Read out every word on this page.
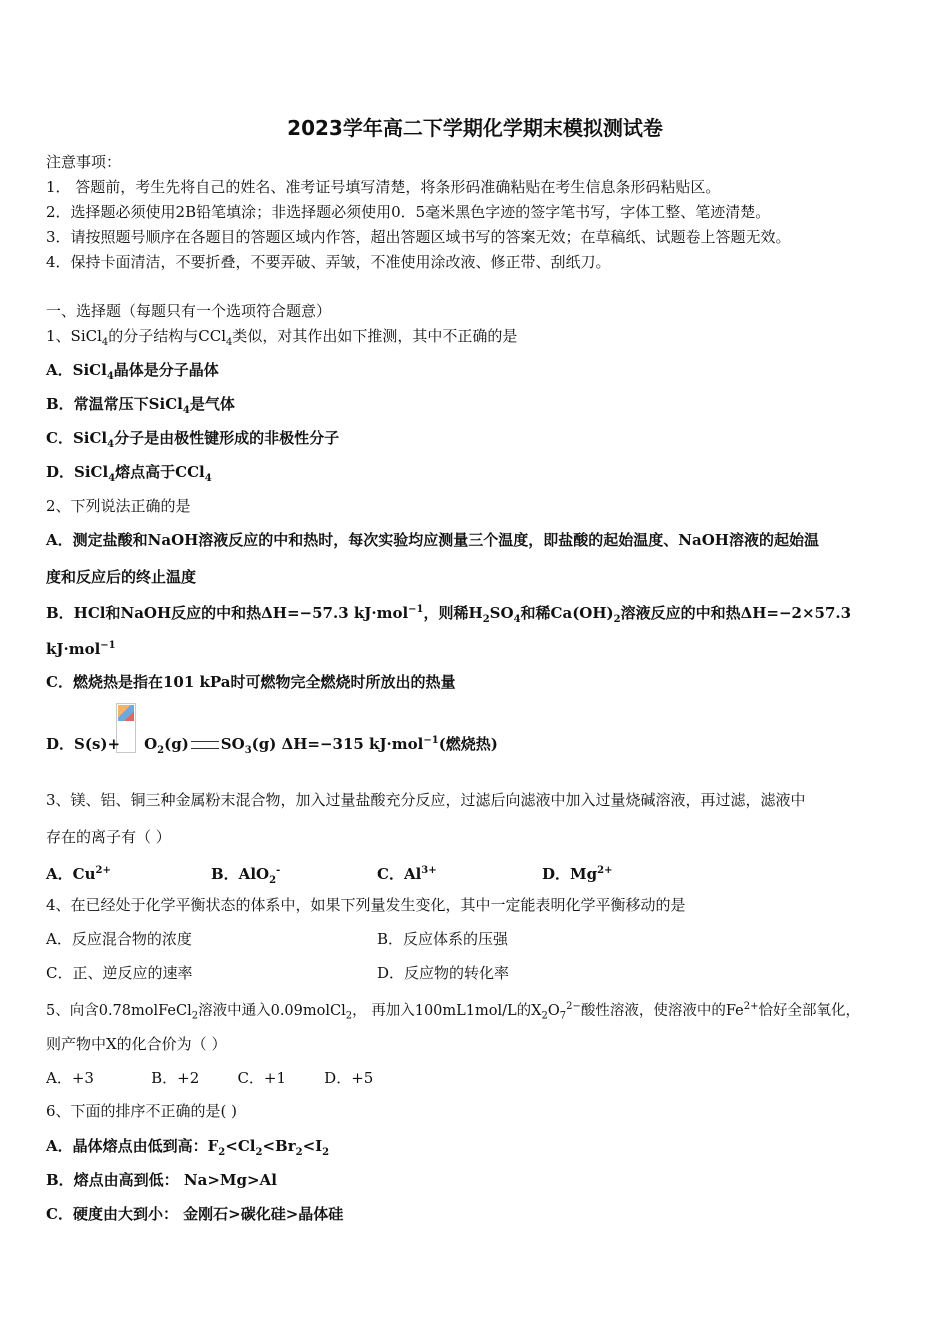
2023学年高二下学期化学期末模拟测试卷
注意事项：
1． 答题前，考生先将自己的姓名、准考证号填写清楚，将条形码准确粘贴在考生信息条形码粘贴区。
2．选择题必须使用2B铅笔填涂；非选择题必须使用0．5毫米黑色字迹的签字笔书写，字体工整、笔迹清楚。
3．请按照题号顺序在各题目的答题区域内作答，超出答题区域书写的答案无效；在草稿纸、试题卷上答题无效。
4．保持卡面清洁，不要折叠，不要弄破、弄皱，不准使用涂改液、修正带、刮纸刀。
一、选择题（每题只有一个选项符合题意）
1、SiCl$_4$的分子结构与CCl$_4$类似，对其作出如下推测，其中不正确的是
A．SiCl$_4$晶体是分子晶体
B．常温常压下SiCl$_4$是气体
C．SiCl$_4$分子是由极性键形成的非极性分子
D．SiCl$_4$熔点高于CCl$_4$
2、下列说法正确的是
A．测定盐酸和NaOH溶液反应的中和热时，每次实验均应测量三个温度，即盐酸的起始温度、NaOH溶液的起始温
度和反应后的终止温度
B．HCl和NaOH反应的中和热ΔH=−57.3 kJ·mol$^{-1}$，则稀$H_2SO_4$和稀$Ca(OH)_2$溶液反应的中和热ΔH=−2×57.3
kJ·mol$^{-1}$
C．燃烧热是指在101 kPa时可燃物完全燃烧时所放出的热量
D．$S(s)+ O_2(g)$ $SO_3(g)$ ΔH=−315 kJ·mol$^{-1}$(燃烧热)
3、镁、铝、铜三种金属粉末混合物，加入过量盐酸充分反应，过滤后向滤液中加入过量烧碱溶液，再过滤，滤液中
存在的离子有（ ）
A．$Cu^{2+}$	B．AlO$_2$-	C．$Al^{3+}$	D．$Mg^{2+}$
4、在已经处于化学平衡状态的体系中，如果下列量发生变化，其中一定能表明化学平衡移动的是
A．反应混合物的浓度	B．反应体系的压强
C．正、逆反应的速率	D．反应物的转化率
5、向含0.78molFeCl$_2$溶液中通入0.09molCl$_2$， 再加入100mL1mol/L的$X_2O_7^{2-}$酸性溶液，使溶液中的$Fe^{2+}$恰好全部氧化，
则产物中X的化合价为（ ）
A．+3            B．+2        C．+1        D．+5
6、下面的排序不正确的是( )
A．晶体熔点由低到高：$F_2<Cl_2<Br_2<I_2$
B．熔点由高到低： Na>Mg>Al
C．硬度由大到小： 金刚石>碳化硅>晶体硅
